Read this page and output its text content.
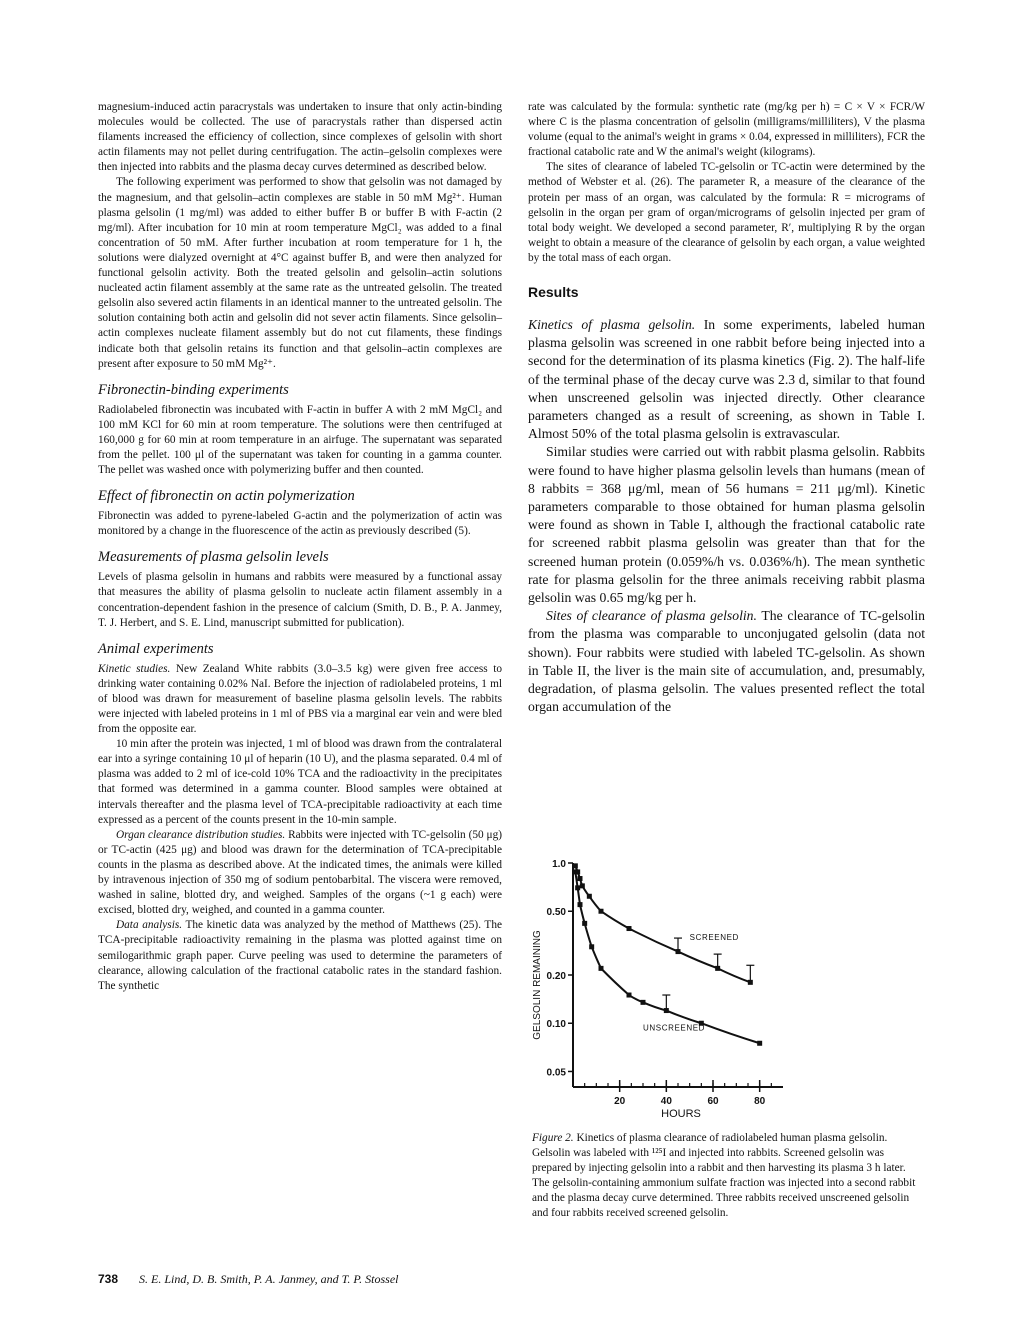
magnesium-induced actin paracrystals was undertaken to insure that only actin-binding molecules would be collected. The use of paracrystals rather than dispersed actin filaments increased the efficiency of collection, since complexes of gelsolin with short actin filaments may not pellet during centrifugation. The actin–gelsolin complexes were then injected into rabbits and the plasma decay curves determined as described below.

The following experiment was performed to show that gelsolin was not damaged by the magnesium, and that gelsolin–actin complexes are stable in 50 mM Mg²⁺. Human plasma gelsolin (1 mg/ml) was added to either buffer B or buffer B with F-actin (2 mg/ml). After incubation for 10 min at room temperature MgCl₂ was added to a final concentration of 50 mM. After further incubation at room temperature for 1 h, the solutions were dialyzed overnight at 4°C against buffer B, and were then analyzed for functional gelsolin activity. Both the treated gelsolin and gelsolin–actin solutions nucleated actin filament assembly at the same rate as the untreated gelsolin. The treated gelsolin also severed actin filaments in an identical manner to the untreated gelsolin. The solution containing both actin and gelsolin did not sever actin filaments. Since gelsolin–actin complexes nucleate filament assembly but do not cut filaments, these findings indicate both that gelsolin retains its function and that gelsolin–actin complexes are present after exposure to 50 mM Mg²⁺.

Fibronectin-binding experiments

Radiolabeled fibronectin was incubated with F-actin in buffer A with 2 mM MgCl₂ and 100 mM KCl for 60 min at room temperature. The solutions were then centrifuged at 160,000 g for 60 min at room temperature in an airfuge. The supernatant was separated from the pellet. 100 μl of the supernatant was taken for counting in a gamma counter. The pellet was washed once with polymerizing buffer and then counted.

Effect of fibronectin on actin polymerization

Fibronectin was added to pyrene-labeled G-actin and the polymerization of actin was monitored by a change in the fluorescence of the actin as previously described (5).

Measurements of plasma gelsolin levels

Levels of plasma gelsolin in humans and rabbits were measured by a functional assay that measures the ability of plasma gelsolin to nucleate actin filament assembly in a concentration-dependent fashion in the presence of calcium (Smith, D. B., P. A. Janmey, T. J. Herbert, and S. E. Lind, manuscript submitted for publication).

Animal experiments

Kinetic studies. New Zealand White rabbits (3.0–3.5 kg) were given free access to drinking water containing 0.02% NaI. Before the injection of radiolabeled proteins, 1 ml of blood was drawn for measurement of baseline plasma gelsolin levels. The rabbits were injected with labeled proteins in 1 ml of PBS via a marginal ear vein and were bled from the opposite ear.

10 min after the protein was injected, 1 ml of blood was drawn from the contralateral ear into a syringe containing 10 μl of heparin (10 U), and the plasma separated. 0.4 ml of plasma was added to 2 ml of ice-cold 10% TCA and the radioactivity in the precipitates that formed was determined in a gamma counter. Blood samples were obtained at intervals thereafter and the plasma level of TCA-precipitable radioactivity at each time expressed as a percent of the counts present in the 10-min sample.

Organ clearance distribution studies. Rabbits were injected with TC-gelsolin (50 μg) or TC-actin (425 μg) and blood was drawn for the determination of TCA-precipitable counts in the plasma as described above. At the indicated times, the animals were killed by intravenous injection of 350 mg of sodium pentobarbital. The viscera were removed, washed in saline, blotted dry, and weighed. Samples of the organs (~1 g each) were excised, blotted dry, weighed, and counted in a gamma counter.

Data analysis. The kinetic data was analyzed by the method of Matthews (25). The TCA-precipitable radioactivity remaining in the plasma was plotted against time on semilogarithmic graph paper. Curve peeling was used to determine the parameters of clearance, allowing calculation of the fractional catabolic rates in the standard fashion. The synthetic

rate was calculated by the formula: synthetic rate (mg/kg per h) = C × V × FCR/W where C is the plasma concentration of gelsolin (milligrams/milliliters), V the plasma volume (equal to the animal's weight in grams × 0.04, expressed in milliliters), FCR the fractional catabolic rate and W the animal's weight (kilograms).

The sites of clearance of labeled TC-gelsolin or TC-actin were determined by the method of Webster et al. (26). The parameter R, a measure of the clearance of the protein per mass of an organ, was calculated by the formula: R = micrograms of gelsolin in the organ per gram of organ/micrograms of gelsolin injected per gram of total body weight. We developed a second parameter, R′, multiplying R by the organ weight to obtain a measure of the clearance of gelsolin by each organ, a value weighted by the total mass of each organ.

Results

Kinetics of plasma gelsolin. In some experiments, labeled human plasma gelsolin was screened in one rabbit before being injected into a second for the determination of its plasma kinetics (Fig. 2). The half-life of the terminal phase of the decay curve was 2.3 d, similar to that found when unscreened gelsolin was injected directly. Other clearance parameters changed as a result of screening, as shown in Table I. Almost 50% of the total plasma gelsolin is extravascular.

Similar studies were carried out with rabbit plasma gelsolin. Rabbits were found to have higher plasma gelsolin levels than humans (mean of 8 rabbits = 368 μg/ml, mean of 56 humans = 211 μg/ml). Kinetic parameters comparable to those obtained for human plasma gelsolin were found as shown in Table I, although the fractional catabolic rate for screened rabbit plasma gelsolin was greater than that for the screened human protein (0.059%/h vs. 0.036%/h). The mean synthetic rate for plasma gelsolin for the three animals receiving rabbit plasma gelsolin was 0.65 mg/kg per h.

Sites of clearance of plasma gelsolin. The clearance of TC-gelsolin from the plasma was comparable to unconjugated gelsolin (data not shown). Four rabbits were studied with labeled TC-gelsolin. As shown in Table II, the liver is the main site of accumulation, and, presumably, degradation, of plasma gelsolin. The values presented reflect the total organ accumulation of the

1.0
0.50
0.20
0.10
0.05
20	40	60	80
SCREENED
UNSCREENED
HOURS
GELSOLIN REMAINING

Figure 2. Kinetics of plasma clearance of radiolabeled human plasma gelsolin. Gelsolin was labeled with ¹²⁵I and injected into rabbits. Screened gelsolin was prepared by injecting gelsolin into a rabbit and then harvesting its plasma 3 h later. The gelsolin-containing ammonium sulfate fraction was injected into a second rabbit and the plasma decay curve determined. Three rabbits received unscreened gelsolin and four rabbits received screened gelsolin.

738 S. E. Lind, D. B. Smith, P. A. Janmey, and T. P. Stossel
